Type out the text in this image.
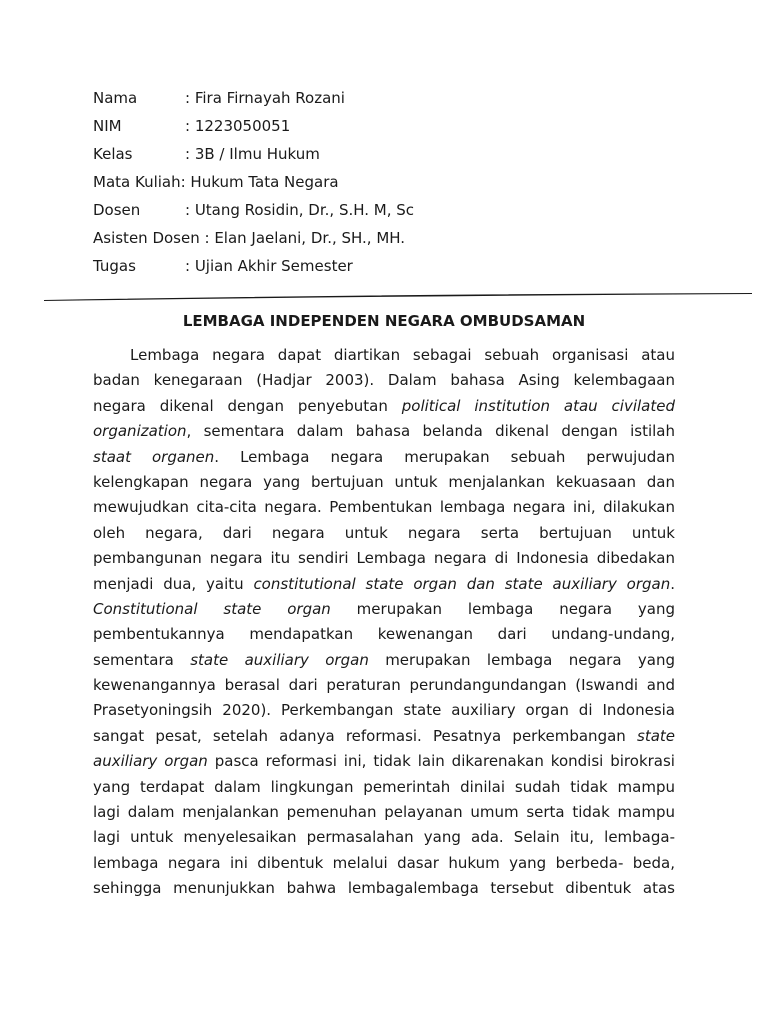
Nama	: Fira Firnayah Rozani
NIM	: 1223050051
Kelas	: 3B / Ilmu Hukum
Mata Kuliah : Hukum Tata Negara
Dosen	: Utang Rosidin, Dr., S.H. M, Sc
Asisten Dosen : Elan Jaelani, Dr., SH., MH.
Tugas	: Ujian Akhir Semester
LEMBAGA INDEPENDEN NEGARA OMBUDSAMAN
Lembaga negara dapat diartikan sebagai sebuah organisasi atau
badan kenegaraan (Hadjar 2003). Dalam bahasa Asing kelembagaan
negara dikenal dengan penyebutan political institution atau civilated
organization, sementara dalam bahasa belanda dikenal dengan istilah
staat organen. Lembaga negara merupakan sebuah perwujudan
kelengkapan negara yang bertujuan untuk menjalankan kekuasaan dan
mewujudkan cita-cita negara. Pembentukan lembaga negara ini, dilakukan
oleh negara, dari negara untuk negara serta bertujuan untuk
pembangunan negara itu sendiri Lembaga negara di Indonesia dibedakan
menjadi dua, yaitu constitutional state organ dan state auxiliary organ.
Constitutional state organ merupakan lembaga negara yang
pembentukannya mendapatkan kewenangan dari undang-undang,
sementara state auxiliary organ merupakan lembaga negara yang
kewenangannya berasal dari peraturan perundangundangan (Iswandi and
Prasetyoningsih 2020). Perkembangan state auxiliary organ di Indonesia
sangat pesat, setelah adanya reformasi. Pesatnya perkembangan state
auxiliary organ pasca reformasi ini, tidak lain dikarenakan kondisi birokrasi
yang terdapat dalam lingkungan pemerintah dinilai sudah tidak mampu
lagi dalam menjalankan pemenuhan pelayanan umum serta tidak mampu
lagi untuk menyelesaikan permasalahan yang ada. Selain itu, lembaga-
lembaga negara ini dibentuk melalui dasar hukum yang berbeda- beda,
sehingga menunjukkan bahwa lembagalembaga tersebut dibentuk atas
